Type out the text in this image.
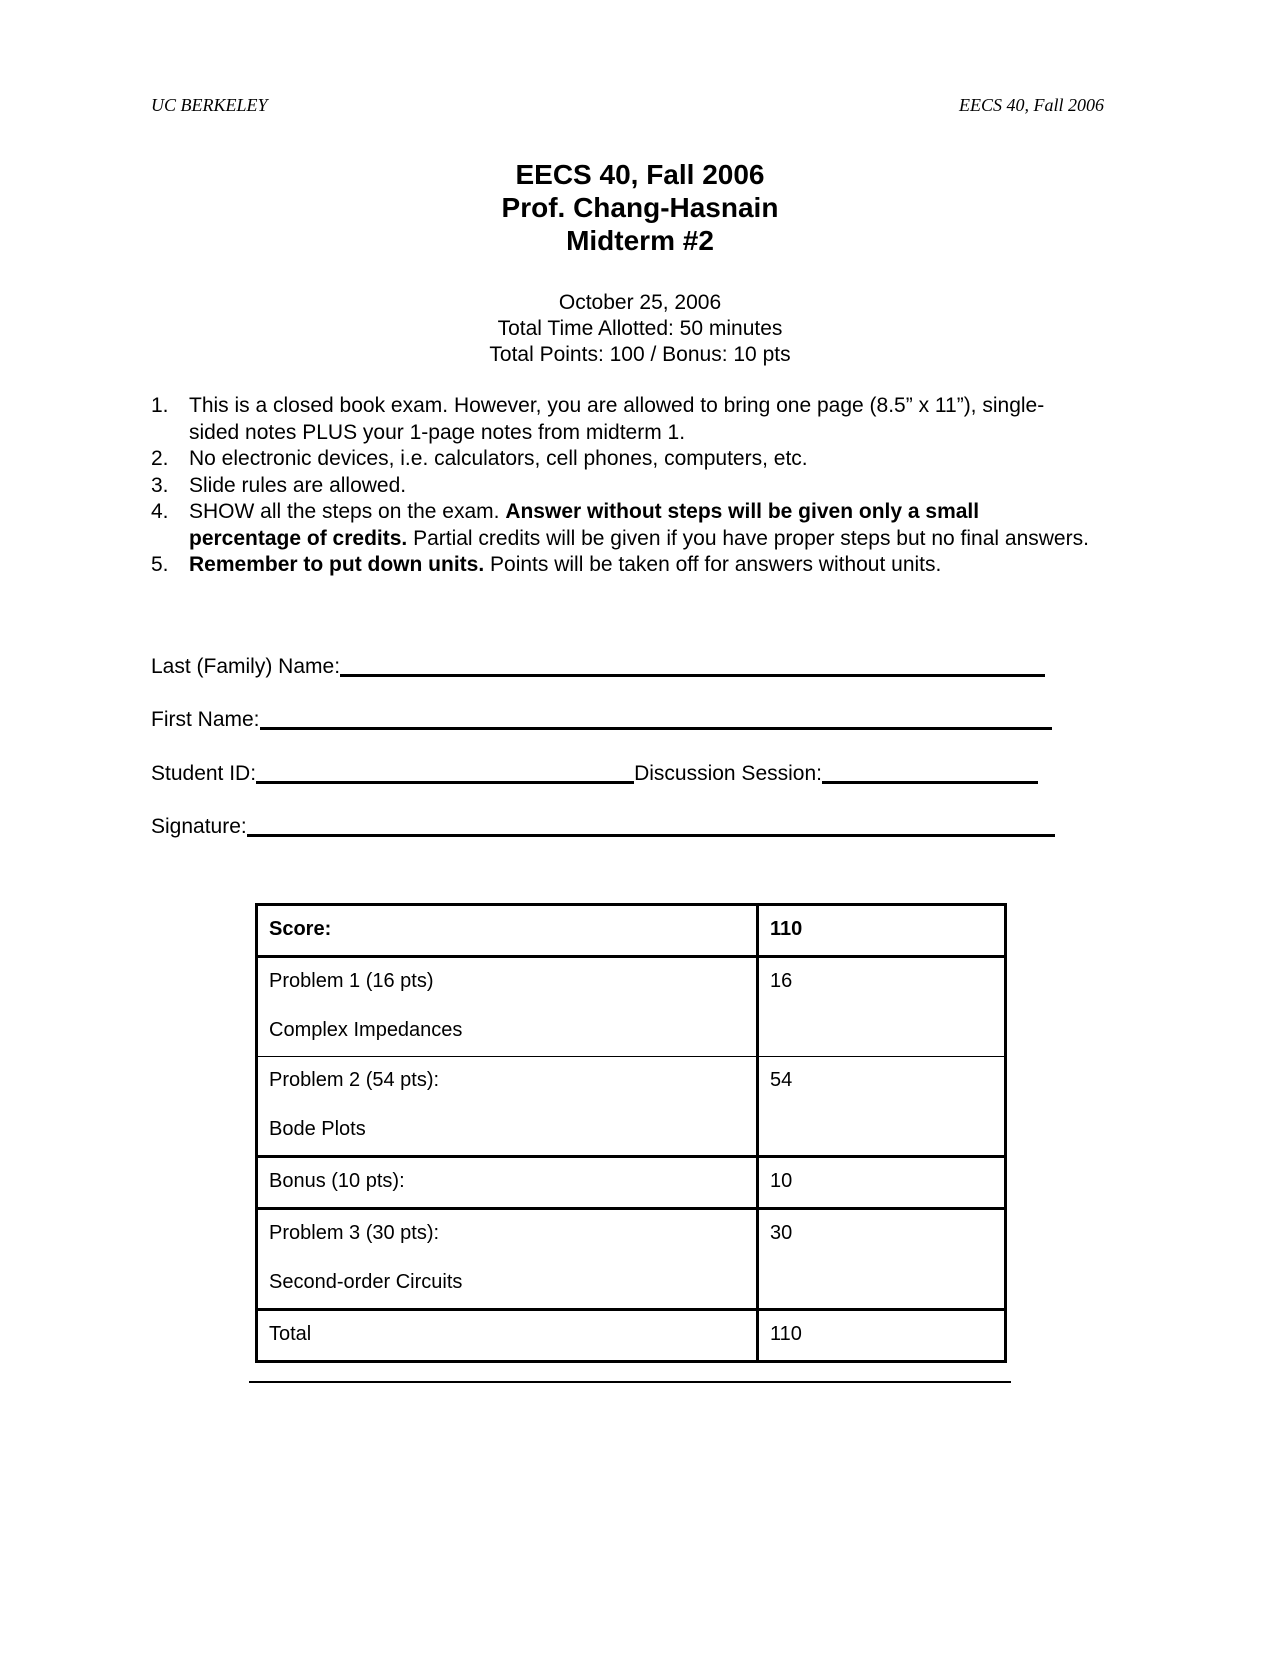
UC BERKELEY	EECS 40, Fall 2006
EECS 40, Fall 2006
Prof. Chang-Hasnain
Midterm #2
October 25, 2006
Total Time Allotted: 50 minutes
Total Points: 100 / Bonus: 10 pts
1. This is a closed book exam. However, you are allowed to bring one page (8.5” x 11”), single-sided notes PLUS your 1-page notes from midterm 1.
2. No electronic devices, i.e. calculators, cell phones, computers, etc.
3. Slide rules are allowed.
4. SHOW all the steps on the exam. Answer without steps will be given only a small percentage of credits. Partial credits will be given if you have proper steps but no final answers.
5. Remember to put down units. Points will be taken off for answers without units.
Last (Family) Name:
First Name:
Student ID:	Discussion Session:
Signature:
Score:	110
Problem 1 (16 pts)	16
Complex Impedances	
Problem 2 (54 pts):	54
Bode Plots	
Bonus (10 pts):	10
Problem 3 (30 pts):	30
Second-order Circuits	
Total	110
